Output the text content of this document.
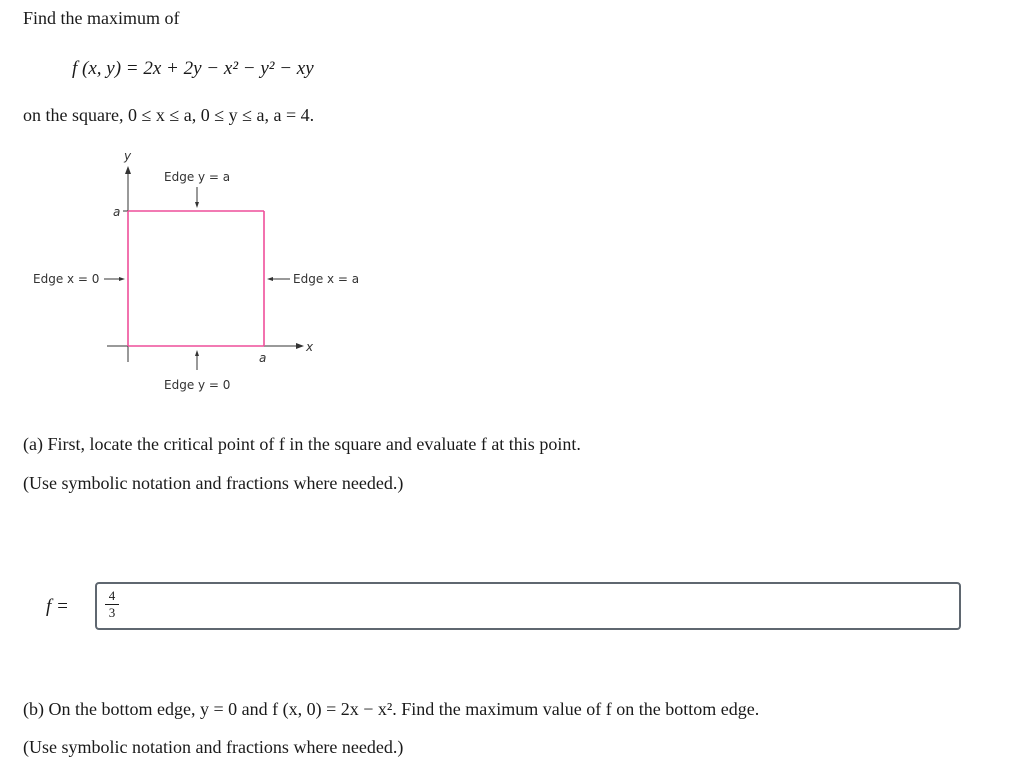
Find the maximum of
f (x, y) = 2x + 2y − x² − y² − xy
on the square, 0 ≤ x ≤ a, 0 ≤ y ≤ a, a = 4.
y
x
a
a
Edge y = a
Edge y = 0
Edge x = 0	Edge x = a
(a) First, locate the critical point of f in the square and evaluate f at this point.
(Use symbolic notation and fractions where needed.)
f =
4
3
(b) On the bottom edge, y = 0 and f (x, 0) = 2x − x². Find the maximum value of f on the bottom edge.
(Use symbolic notation and fractions where needed.)
